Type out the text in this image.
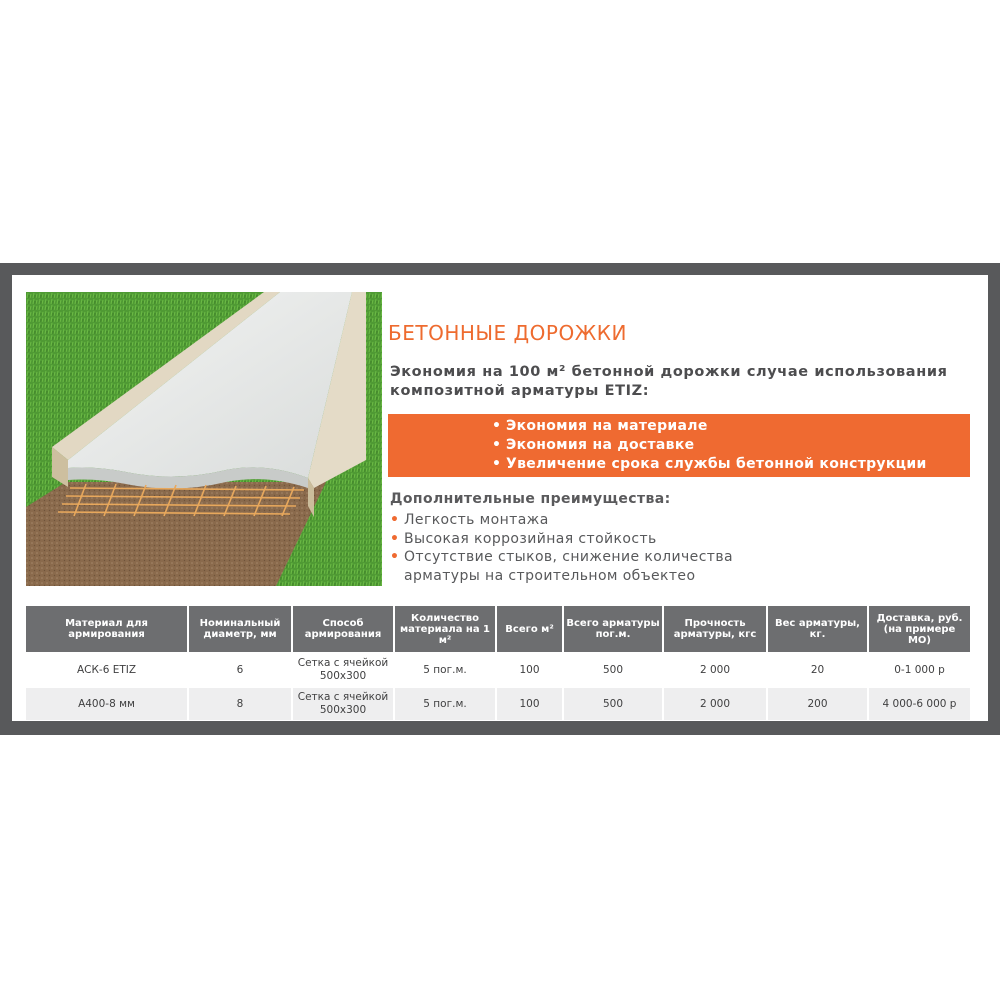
БЕТОННЫЕ ДОРОЖКИ

Экономия на 100 м² бетонной дорожки случае использования композитной арматуры ETIZ:

• Экономия на материале
• Экономия на доставке
• Увеличение срока службы бетонной конструкции
Дополнительные преимущества:
• Легкость монтажа
• Высокая коррозийная стойкость
• Отсутствие стыков, снижение количества арматуры на строительном объектео
Материал для армирования	Номинальный диаметр, мм	Способ армирования	Количество материала на 1 м²	Всего м²	Всего арматуры пог.м.	Прочность арматуры, кгс	Вес арматуры, кг.	Доставка, руб. (на примере МО)
АСК-6 ETIZ	6	Сетка с ячейкой 500х300	5 пог.м.	100	500	2 000	20	0-1 000 р
А400-8 мм	8	Сетка с ячейкой 500х300	5 пог.м.	100	500	2 000	200	4 000-6 000 р
